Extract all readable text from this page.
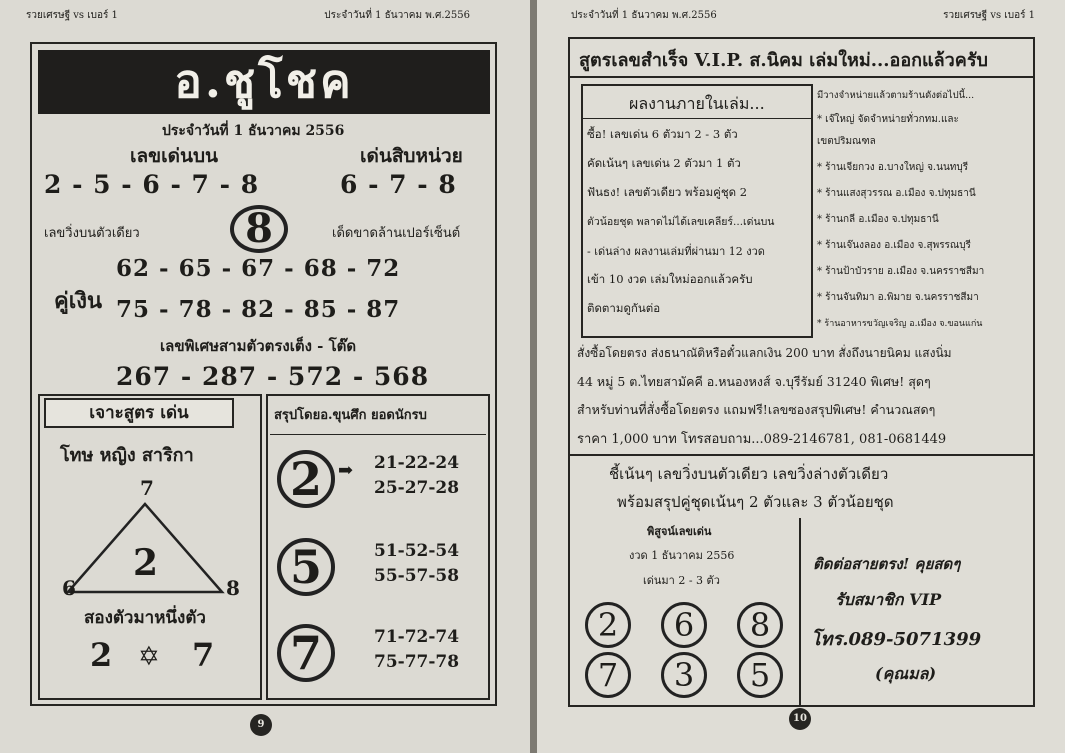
รวยเศรษฐี vs เบอร์ 1	ประจำวันที่ 1 ธันวาคม พ.ศ.2556
อ.ชูโชค
ประจำวันที่ 1 ธันวาคม 2556
เลขเด่นบน	เด่นสิบหน่วย
2 - 5 - 6 - 7 - 8	6 - 7 - 8
เลขวิ่งบนตัวเดียว	8	เด็ดขาดล้านเปอร์เซ็นต์
62 - 65 - 67 - 68 - 72
คู่เงิน 75 - 78 - 82 - 85 - 87
เลขพิเศษสามตัวตรงเต็ง - โต๊ด
267 - 287 - 572 - 568
เจาะสูตร เด่น
โทษ หญิง สาริกา
7
2
6	8
สองตัวมาหนึ่งตัว
2 ✡ 7
สรุปโดยอ.ขุนศึก ยอดนักรบ
2 ➡ 21-22-24
25-27-28
5	51-52-54
55-57-58
7	71-72-74
75-77-78
9
ประจำวันที่ 1 ธันวาคม พ.ศ.2556	รวยเศรษฐี vs เบอร์ 1
สูตรเลขสำเร็จ V.I.P. ส.นิคม เล่มใหม่...ออกแล้วครับ
ผลงานภายในเล่ม...
ซื้อ! เลขเด่น 6 ตัวมา 2 - 3 ตัว
คัดเน้นๆ เลขเด่น 2 ตัวมา 1 ตัว
ฟันธง! เลขตัวเดียว พร้อมคู่ชุด 2
ตัวน้อยชุด พลาดไม่ได้เลขเคลียร์...เด่นบน
- เด่นล่าง ผลงานเล่มที่ผ่านมา 12 งวด
เข้า 10 งวด เล่มใหม่ออกแล้วครับ
ติดตามดูกันต่อ
มีวางจำหน่ายแล้วตามร้านดังต่อไปนี้...
* เจ๊ใหญ่ จัดจำหน่ายทั่วกทม.และ
เขตปริมณฑล
* ร้านเจียกวง อ.บางใหญ่ จ.นนทบุรี
* ร้านแสงสุวรรณ อ.เมือง จ.ปทุมธานี
* ร้านกลี อ.เมือง จ.ปทุมธานี
* ร้านเจ๊นงลอง อ.เมือง จ.สุพรรณบุรี
* ร้านป้าบัวราย อ.เมือง จ.นครราชสีมา
* ร้านจันทิมา อ.พิมาย จ.นครราชสีมา
* ร้านอาหารขวัญเจริญ อ.เมือง จ.ขอนแก่น
สั่งซื้อโดยตรง ส่งธนาณัติหรือตั๋วแลกเงิน 200 บาท สั่งถึงนายนิคม แสงนิ่ม
44 หมู่ 5 ต.ไทยสามัคคี อ.หนองหงส์ จ.บุรีรัมย์ 31240 พิเศษ! สุดๆ
สำหรับท่านที่สั่งซื้อโดยตรง แถมฟรี!เลขซองสรุปพิเศษ! คำนวณสดๆ
ราคา 1,000 บาท โทรสอบถาม...089-2146781, 081-0681449
ชี้เน้นๆ เลขวิ่งบนตัวเดียว เลขวิ่งล่างตัวเดียว
พร้อมสรุปคู่ชุดเน้นๆ 2 ตัวและ 3 ตัวน้อยชุด
พิสูจน์เลขเด่น
งวด 1 ธันวาคม 2556
เด่นมา 2 - 3 ตัว
2	6	8
7	3	5
ติดต่อสายตรง! คุยสดๆ
รับสมาชิก VIP
โทร.089-5071399
(คุณมล)
10
